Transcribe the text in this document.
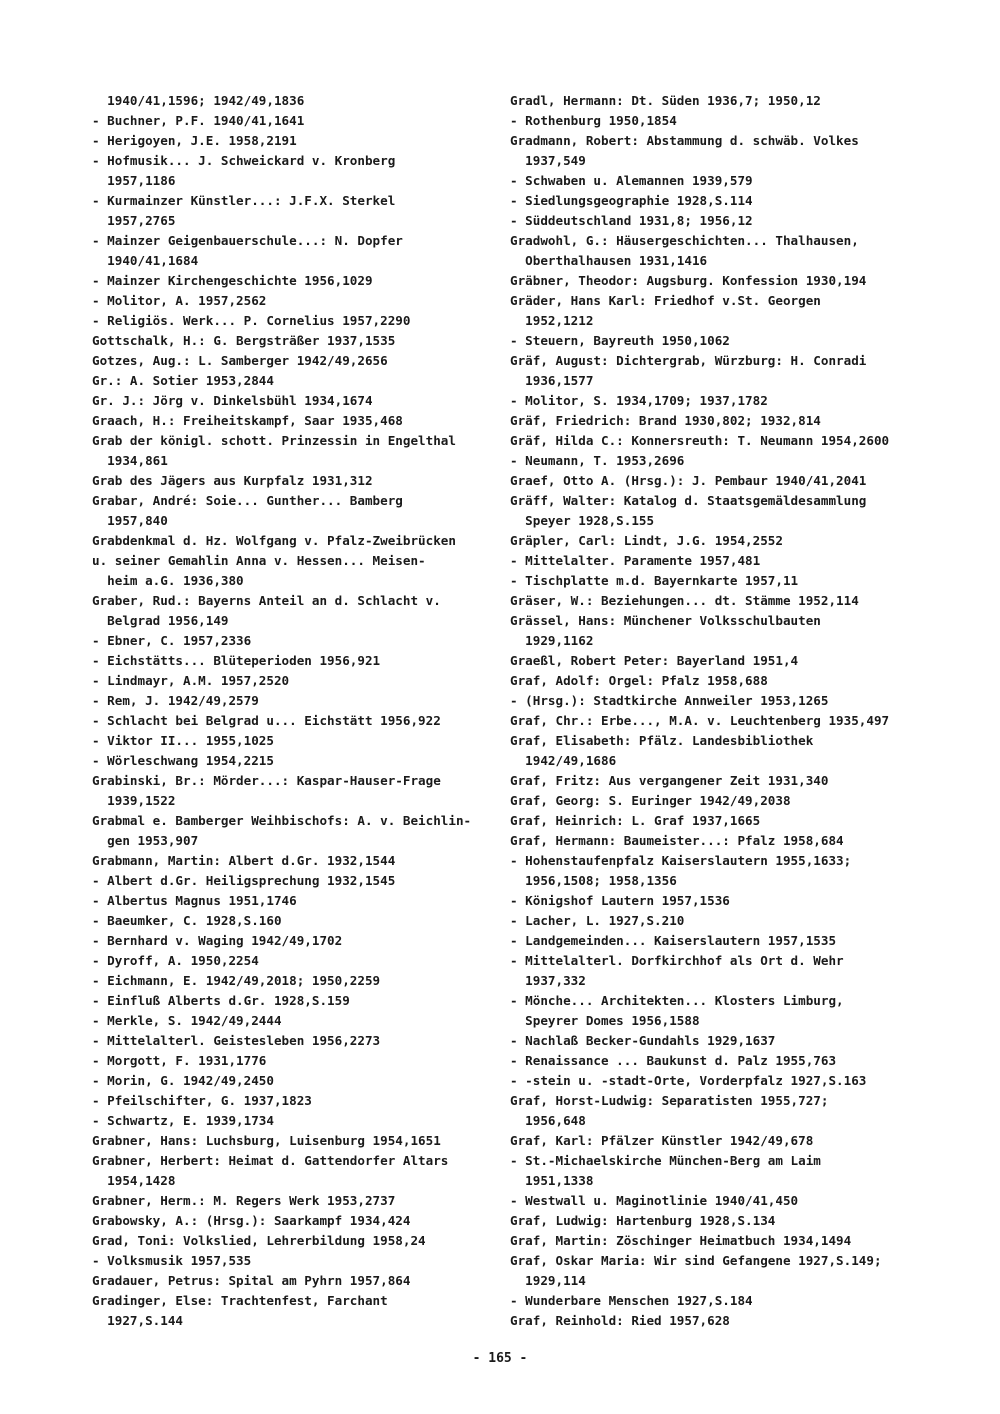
1940/41,1596; 1942/49,1836
- Buchner, P.F. 1940/41,1641
- Herigoyen, J.E. 1958,2191
- Hofmusik... J. Schweickard v. Kronberg
1957,1186
- Kurmainzer Künstler...: J.F.X. Sterkel
1957,2765
- Mainzer Geigenbauerschule...: N. Dopfer
1940/41,1684
- Mainzer Kirchengeschichte 1956,1029
- Molitor, A. 1957,2562
- Religiös. Werk... P. Cornelius 1957,2290
Gottschalk, H.: G. Bergsträßer 1937,1535
Gotzes, Aug.: L. Samberger 1942/49,2656
Gr.: A. Sotier 1953,2844
Gr. J.: Jörg v. Dinkelsbühl 1934,1674
Graach, H.: Freiheitskampf, Saar 1935,468
Grab der königl. schott. Prinzessin in Engelthal
1934,861
Grab des Jägers aus Kurpfalz 1931,312
Grabar, André: Soie... Gunther... Bamberg
1957,840
Grabdenkmal d. Hz. Wolfgang v. Pfalz-Zweibrücken
u. seiner Gemahlin Anna v. Hessen... Meisen-
heim a.G. 1936,380
Graber, Rud.: Bayerns Anteil an d. Schlacht v.
Belgrad 1956,149
- Ebner, C. 1957,2336
- Eichstätts... Blüteperioden 1956,921
- Lindmayr, A.M. 1957,2520
- Rem, J. 1942/49,2579
- Schlacht bei Belgrad u... Eichstätt 1956,922
- Viktor II... 1955,1025
- Wörleschwang 1954,2215
Grabinski, Br.: Mörder...: Kaspar-Hauser-Frage
1939,1522
Grabmal e. Bamberger Weihbischofs: A. v. Beichlin-
gen 1953,907
Grabmann, Martin: Albert d.Gr. 1932,1544
- Albert d.Gr. Heiligsprechung 1932,1545
- Albertus Magnus 1951,1746
- Baeumker, C. 1928,S.160
- Bernhard v. Waging 1942/49,1702
- Dyroff, A. 1950,2254
- Eichmann, E. 1942/49,2018; 1950,2259
- Einfluß Alberts d.Gr. 1928,S.159
- Merkle, S. 1942/49,2444
- Mittelalterl. Geistesleben 1956,2273
- Morgott, F. 1931,1776
- Morin, G. 1942/49,2450
- Pfeilschifter, G. 1937,1823
- Schwartz, E. 1939,1734
Grabner, Hans: Luchsburg, Luisenburg 1954,1651
Grabner, Herbert: Heimat d. Gattendorfer Altars
1954,1428
Grabner, Herm.: M. Regers Werk 1953,2737
Grabowsky, A.: (Hrsg.): Saarkampf 1934,424
Grad, Toni: Volkslied, Lehrerbildung 1958,24
- Volksmusik 1957,535
Gradauer, Petrus: Spital am Pyhrn 1957,864
Gradinger, Else: Trachtenfest, Farchant
1927,S.144
Gradl, Hermann: Dt. Süden 1936,7; 1950,12
- Rothenburg 1950,1854
Gradmann, Robert: Abstammung d. schwäb. Volkes
1937,549
- Schwaben u. Alemannen 1939,579
- Siedlungsgeographie 1928,S.114
- Süddeutschland 1931,8; 1956,12
Gradwohl, G.: Häusergeschichten... Thalhausen,
Oberthalhausen 1931,1416
Gräbner, Theodor: Augsburg. Konfession 1930,194
Gräder, Hans Karl: Friedhof v.St. Georgen
1952,1212
- Steuern, Bayreuth 1950,1062
Gräf, August: Dichtergrab, Würzburg: H. Conradi
1936,1577
- Molitor, S. 1934,1709; 1937,1782
Gräf, Friedrich: Brand 1930,802; 1932,814
Gräf, Hilda C.: Konnersreuth: T. Neumann 1954,2600
- Neumann, T. 1953,2696
Graef, Otto A. (Hrsg.): J. Pembaur 1940/41,2041
Gräff, Walter: Katalog d. Staatsgemäldesammlung
Speyer 1928,S.155
Gräpler, Carl: Lindt, J.G. 1954,2552
- Mittelalter. Paramente 1957,481
- Tischplatte m.d. Bayernkarte 1957,11
Gräser, W.: Beziehungen... dt. Stämme 1952,114
Grässel, Hans: Münchener Volksschulbauten
1929,1162
Graeßl, Robert Peter: Bayerland 1951,4
Graf, Adolf: Orgel: Pfalz 1958,688
- (Hrsg.): Stadtkirche Annweiler 1953,1265
Graf, Chr.: Erbe..., M.A. v. Leuchtenberg 1935,497
Graf, Elisabeth: Pfälz. Landesbibliothek
1942/49,1686
Graf, Fritz: Aus vergangener Zeit 1931,340
Graf, Georg: S. Euringer 1942/49,2038
Graf, Heinrich: L. Graf 1937,1665
Graf, Hermann: Baumeister...: Pfalz 1958,684
- Hohenstaufenpfalz Kaiserslautern 1955,1633;
1956,1508; 1958,1356
- Königshof Lautern 1957,1536
- Lacher, L. 1927,S.210
- Landgemeinden... Kaiserslautern 1957,1535
- Mittelalterl. Dorfkirchhof als Ort d. Wehr
1937,332
- Mönche... Architekten... Klosters Limburg,
Speyrer Domes 1956,1588
- Nachlaß Becker-Gundahls 1929,1637
- Renaissance ... Baukunst d. Palz 1955,763
- -stein u. -stadt-Orte, Vorderpfalz 1927,S.163
Graf, Horst-Ludwig: Separatisten 1955,727;
1956,648
Graf, Karl: Pfälzer Künstler 1942/49,678
- St.-Michaelskirche München-Berg am Laim
1951,1338
- Westwall u. Maginotlinie 1940/41,450
Graf, Ludwig: Hartenburg 1928,S.134
Graf, Martin: Zöschinger Heimatbuch 1934,1494
Graf, Oskar Maria: Wir sind Gefangene 1927,S.149;
1929,114
- Wunderbare Menschen 1927,S.184
Graf, Reinhold: Ried 1957,628
- 165 -
